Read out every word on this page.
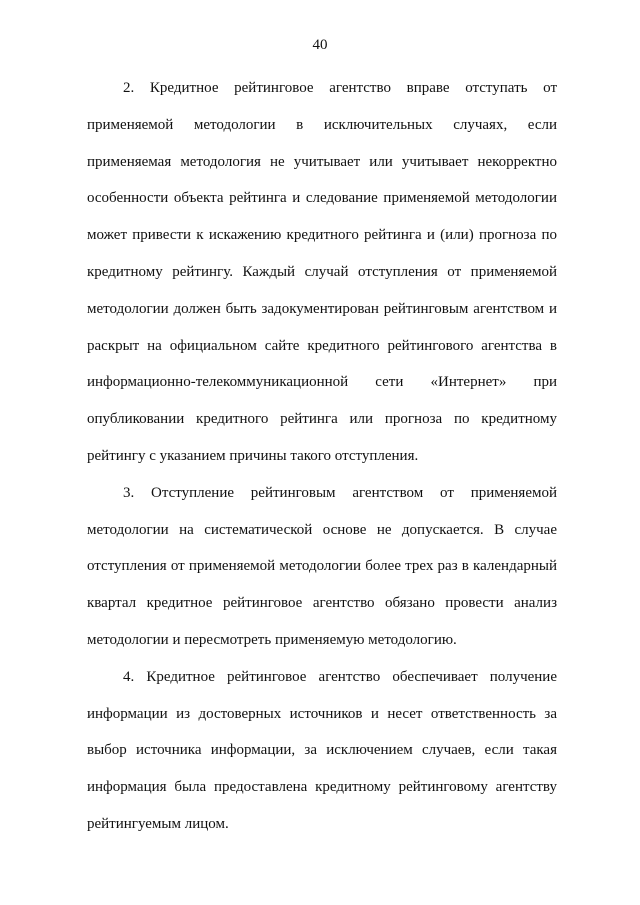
40

2. Кредитное рейтинговое агентство вправе отступать от применяемой методологии в исключительных случаях, если применяемая методология не учитывает или учитывает некорректно особенности объекта рейтинга и следование применяемой методологии может привести к искажению кредитного рейтинга и (или) прогноза по кредитному рейтингу. Каждый случай отступления от применяемой методологии должен быть задокументирован рейтинговым агентством и раскрыт на официальном сайте кредитного рейтингового агентства в информационно-телекоммуникационной сети «Интернет» при опубликовании кредитного рейтинга или прогноза по кредитному рейтингу с указанием причины такого отступления.

3. Отступление рейтинговым агентством от применяемой методологии на систематической основе не допускается. В случае отступления от применяемой методологии более трех раз в календарный квартал кредитное рейтинговое агентство обязано провести анализ методологии и пересмотреть применяемую методологию.

4. Кредитное рейтинговое агентство обеспечивает получение информации из достоверных источников и несет ответственность за выбор источника информации, за исключением случаев, если такая информация была предоставлена кредитному рейтинговому агентству рейтингуемым лицом.
